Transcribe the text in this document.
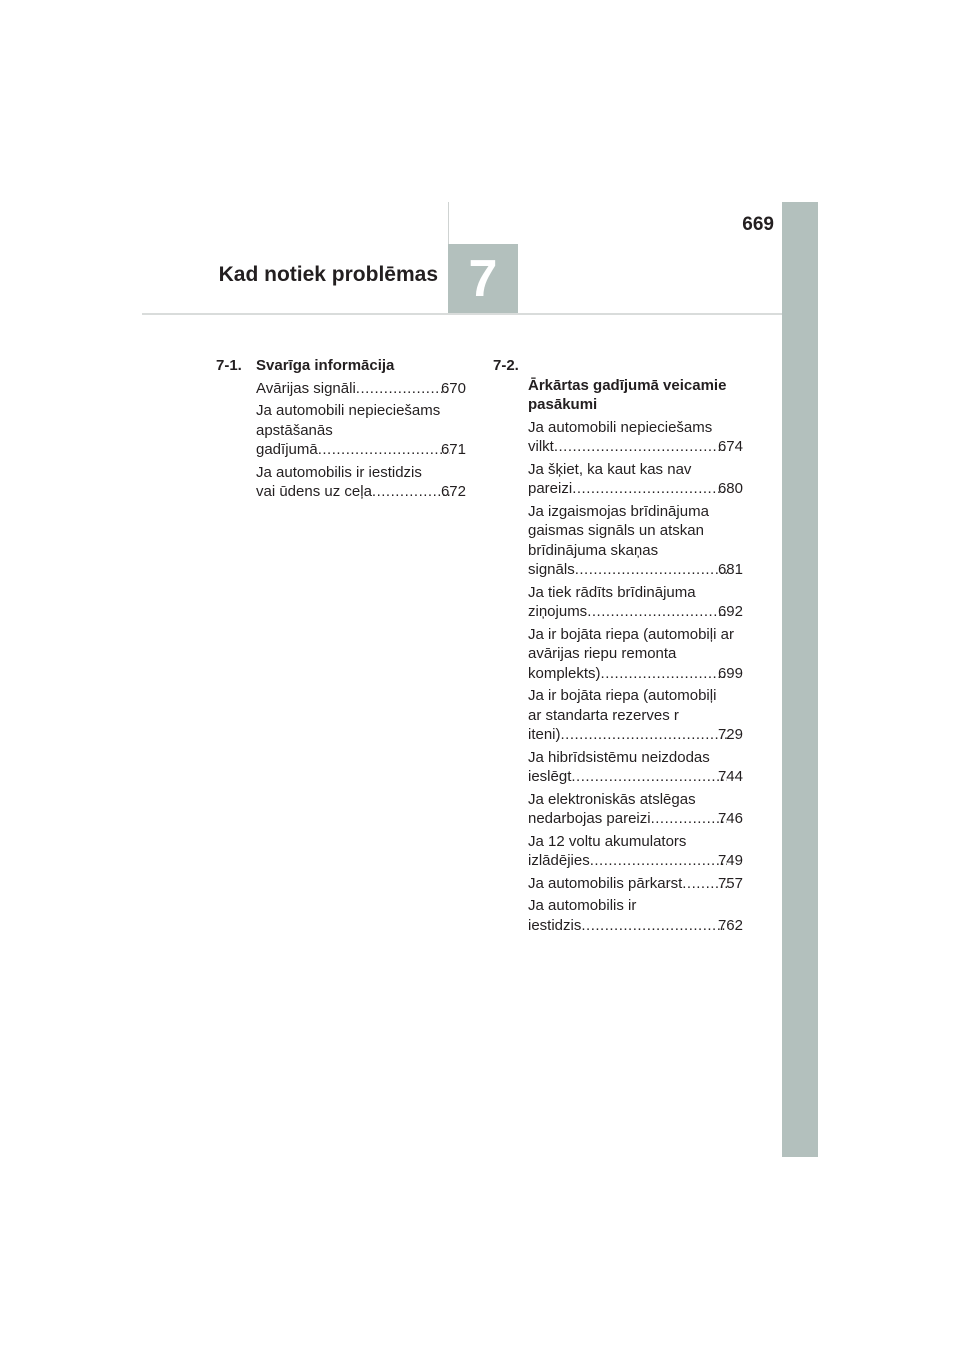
669
7
Kad notiek problēmas
7-1. Svarīga informācija
Avārijas signāli .....	670
Ja automobili nepieciešams
apstāšanās
gadījumā .....	671
Ja automobilis ir iestidzis
vai ūdens uz ceļa .....	672
7-2.
Ārkārtas gadījumā veicamie pasākumi
Ja automobili nepieciešams
vilkt .....	674
Ja šķiet, ka kaut kas nav
pareizi .....	680
Ja izgaismojas brīdinājuma
gaismas signāls un atskan
brīdinājuma skaņas
signāls .....	681
Ja tiek rādīts brīdinājuma
ziņojums .....	692
Ja ir bojāta riepa (automobiļi ar
avārijas riepu remonta
komplekts) .....	699
Ja ir bojāta riepa (automobiļi
ar standarta rezerves r
iteni) .....	729
Ja hibrīdsistēmu neizdodas
ieslēgt .....	744
Ja elektroniskās atslēgas
nedarbojas pareizi .....	746
Ja 12 voltu akumulators
izlādējies .....	749
Ja automobilis pārkarst ..... 757
Ja automobilis ir
iestidzis .....	762
